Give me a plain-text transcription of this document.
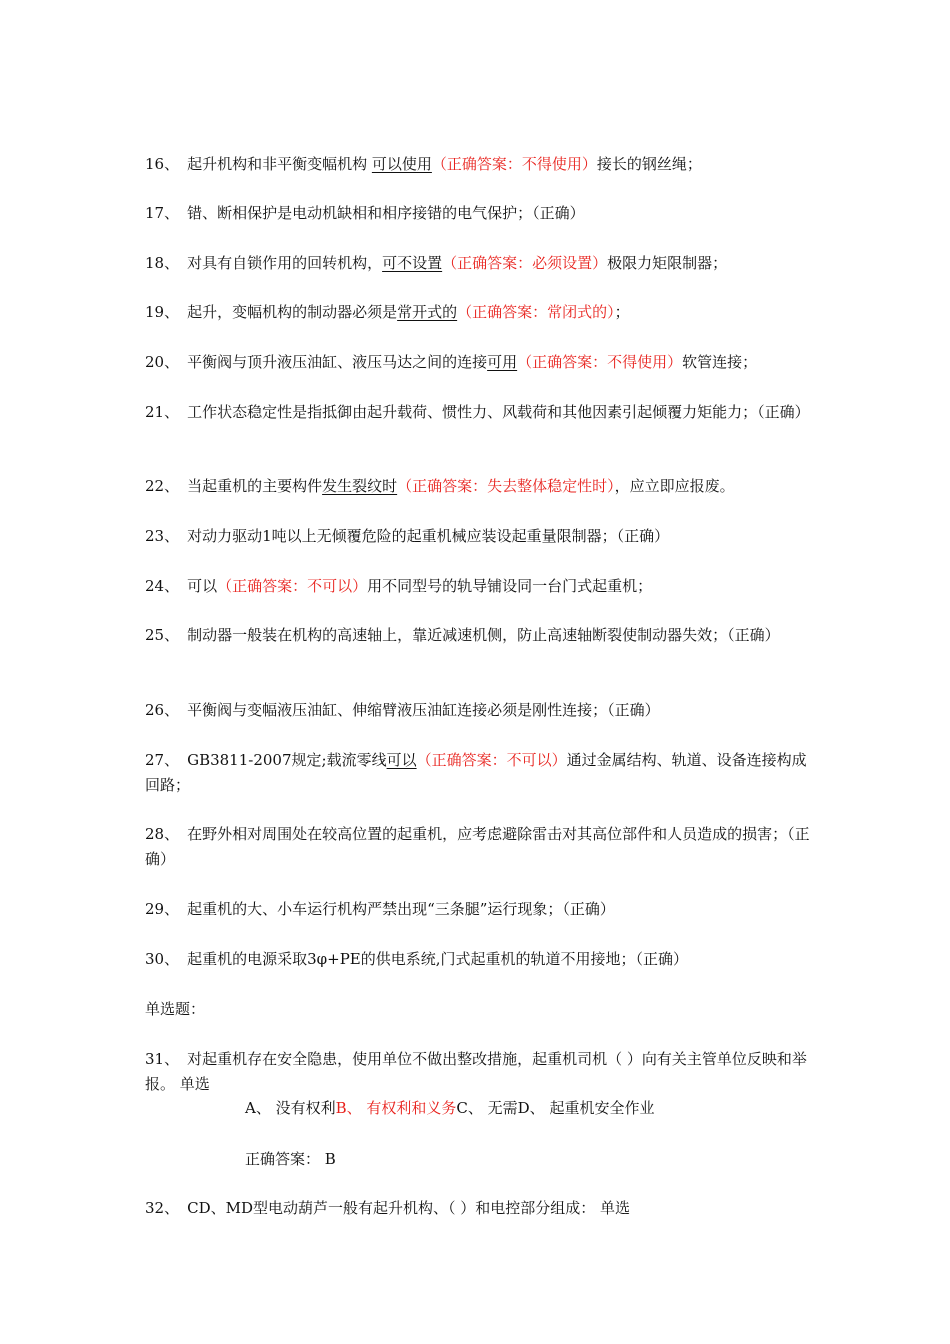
16、 起升机构和非平衡变幅机构 可以使用（正确答案：不得使用）接长的钢丝绳；
17、 错、断相保护是电动机缺相和相序接错的电气保护；（正确）
18、 对具有自锁作用的回转机构，可不设置（正确答案：必须设置）极限力矩限制器；
19、 起升，变幅机构的制动器必须是常开式的（正确答案：常闭式的）；
20、 平衡阀与顶升液压油缸、液压马达之间的连接可用（正确答案：不得使用）软管连接；
21、 工作状态稳定性是指抵御由起升载荷、惯性力、风载荷和其他因素引起倾覆力矩能力；（正确）
22、 当起重机的主要构件发生裂纹时（正确答案：失去整体稳定性时），应立即应报废。
23、 对动力驱动1吨以上无倾覆危险的起重机械应装设起重量限制器；（正确）
24、 可以（正确答案：不可以）用不同型号的轨导铺设同一台门式起重机；
25、 制动器一般装在机构的高速轴上，靠近减速机侧，防止高速轴断裂使制动器失效；（正确）
26、 平衡阀与变幅液压油缸、伸缩臂液压油缸连接必须是刚性连接；（正确）
27、 GB3811-2007规定;载流零线可以（正确答案：不可以）通过金属结构、轨道、设备连接构成回路；
28、 在野外相对周围处在较高位置的起重机，应考虑避除雷击对其高位部件和人员造成的损害；（正确）
29、 起重机的大、小车运行机构严禁出现“三条腿”运行现象；（正确）
30、 起重机的电源采取3φ+PE的供电系统,门式起重机的轨道不用接地；（正确）
单选题：
31、 对起重机存在安全隐患，使用单位不做出整改措施，起重机司机（ ）向有关主管单位反映和举报。 单选
A、 没有权利B、 有权利和义务C、 无需D、 起重机安全作业
正确答案： B
32、 CD、MD型电动葫芦一般有起升机构、（ ）和电控部分组成： 单选
